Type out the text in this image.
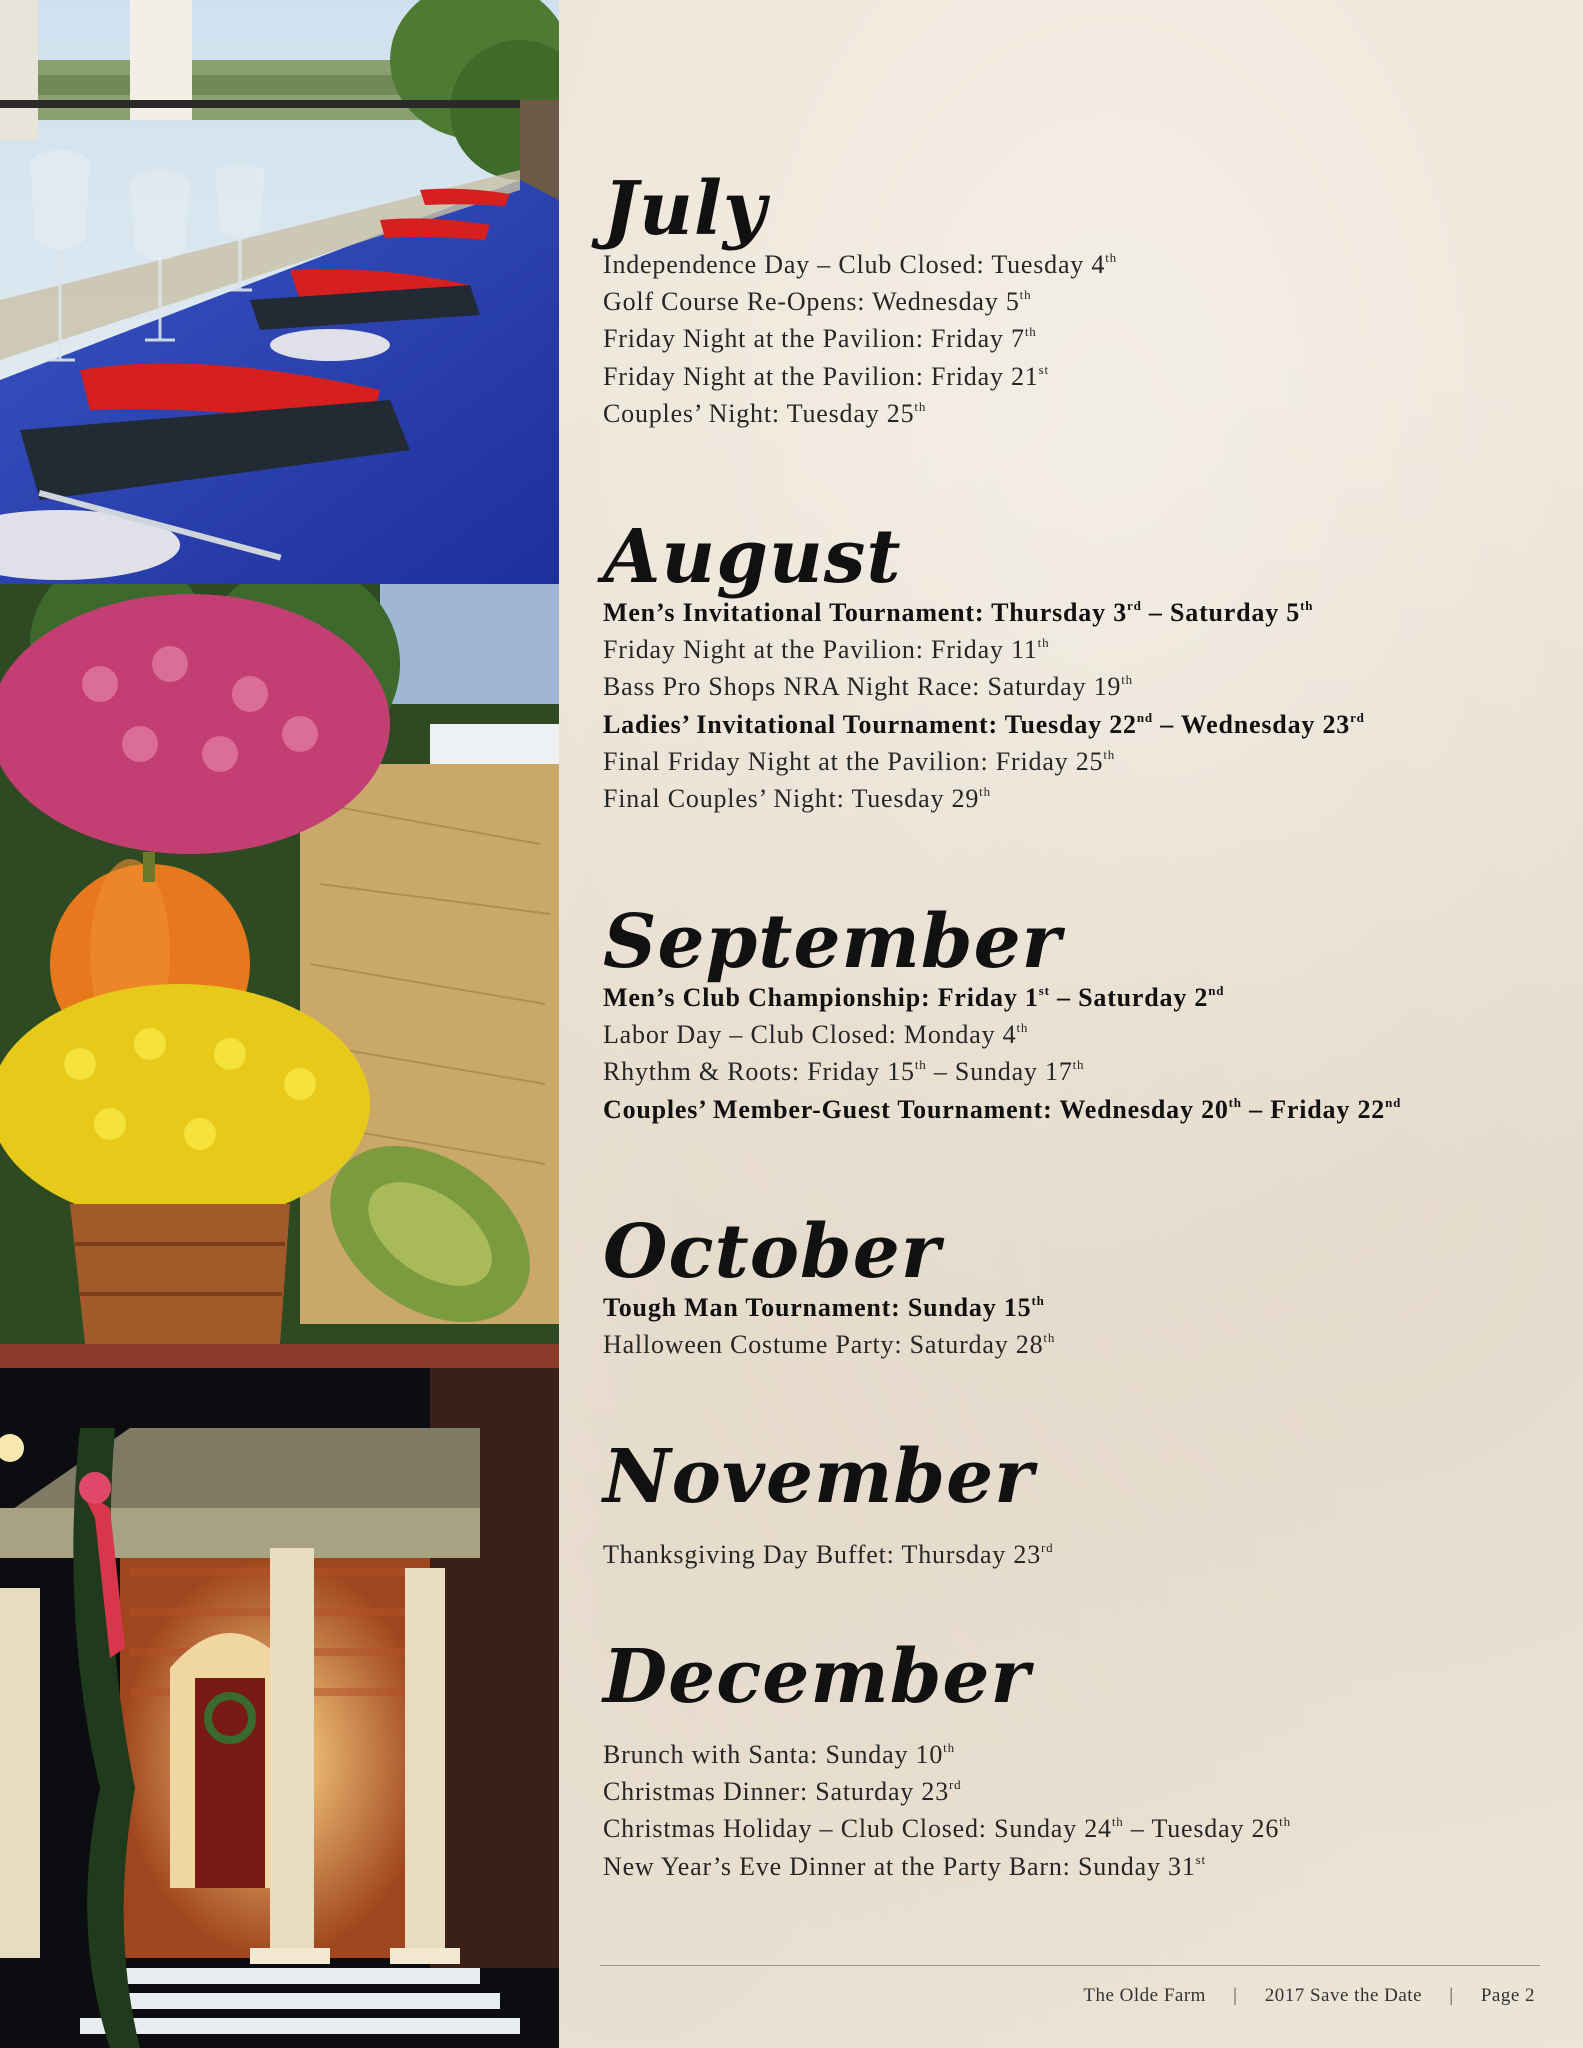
July
Independence Day – Club Closed: Tuesday 4th
Golf Course Re-Opens: Wednesday 5th
Friday Night at the Pavilion: Friday 7th
Friday Night at the Pavilion: Friday 21st
Couples’ Night: Tuesday 25th
August
Men’s Invitational Tournament: Thursday 3rd – Saturday 5th
Friday Night at the Pavilion: Friday 11th
Bass Pro Shops NRA Night Race: Saturday 19th
Ladies’ Invitational Tournament: Tuesday 22nd – Wednesday 23rd
Final Friday Night at the Pavilion: Friday 25th
Final Couples’ Night: Tuesday 29th
September
Men’s Club Championship: Friday 1st – Saturday 2nd
Labor Day – Club Closed: Monday 4th
Rhythm & Roots: Friday 15th – Sunday 17th
Couples’ Member-Guest Tournament: Wednesday 20th – Friday 22nd
October
Tough Man Tournament: Sunday 15th
Halloween Costume Party: Saturday 28th
November
Thanksgiving Day Buffet: Thursday 23rd
December
Brunch with Santa: Sunday 10th
Christmas Dinner: Saturday 23rd
Christmas Holiday – Club Closed: Sunday 24th – Tuesday 26th
New Year’s Eve Dinner at the Party Barn: Sunday 31st
The Olde Farm | 2017 Save the Date | Page 2
